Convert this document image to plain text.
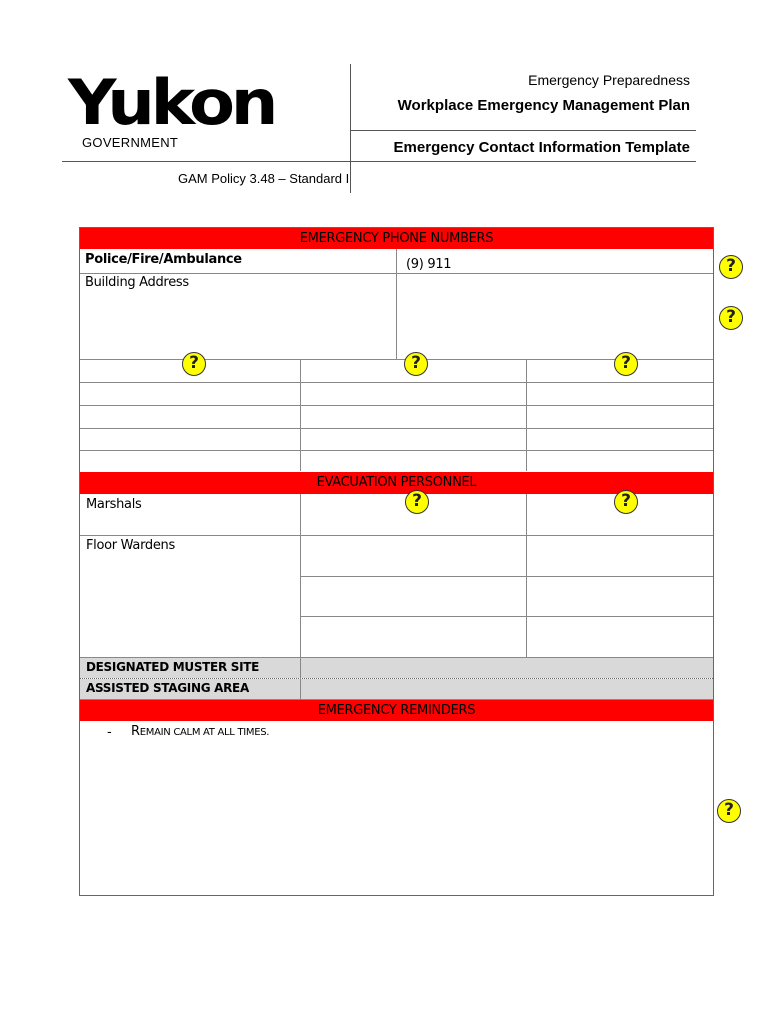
Yukon
GOVERNMENT
Emergency Preparedness
Workplace Emergency Management Plan
Emergency Contact Information Template
GAM Policy 3.48 – Standard I
EMERGENCY PHONE NUMBERS
Police/Fire/Ambulance	(9) 911
Building Address
EVACUATION PERSONNEL
Marshals
Floor Wardens
DESIGNATED MUSTER SITE
ASSISTED STAGING AREA
EMERGENCY REMINDERS
- REMAIN CALM AT ALL TIMES.
?
?
?	?	?
?	?
?
